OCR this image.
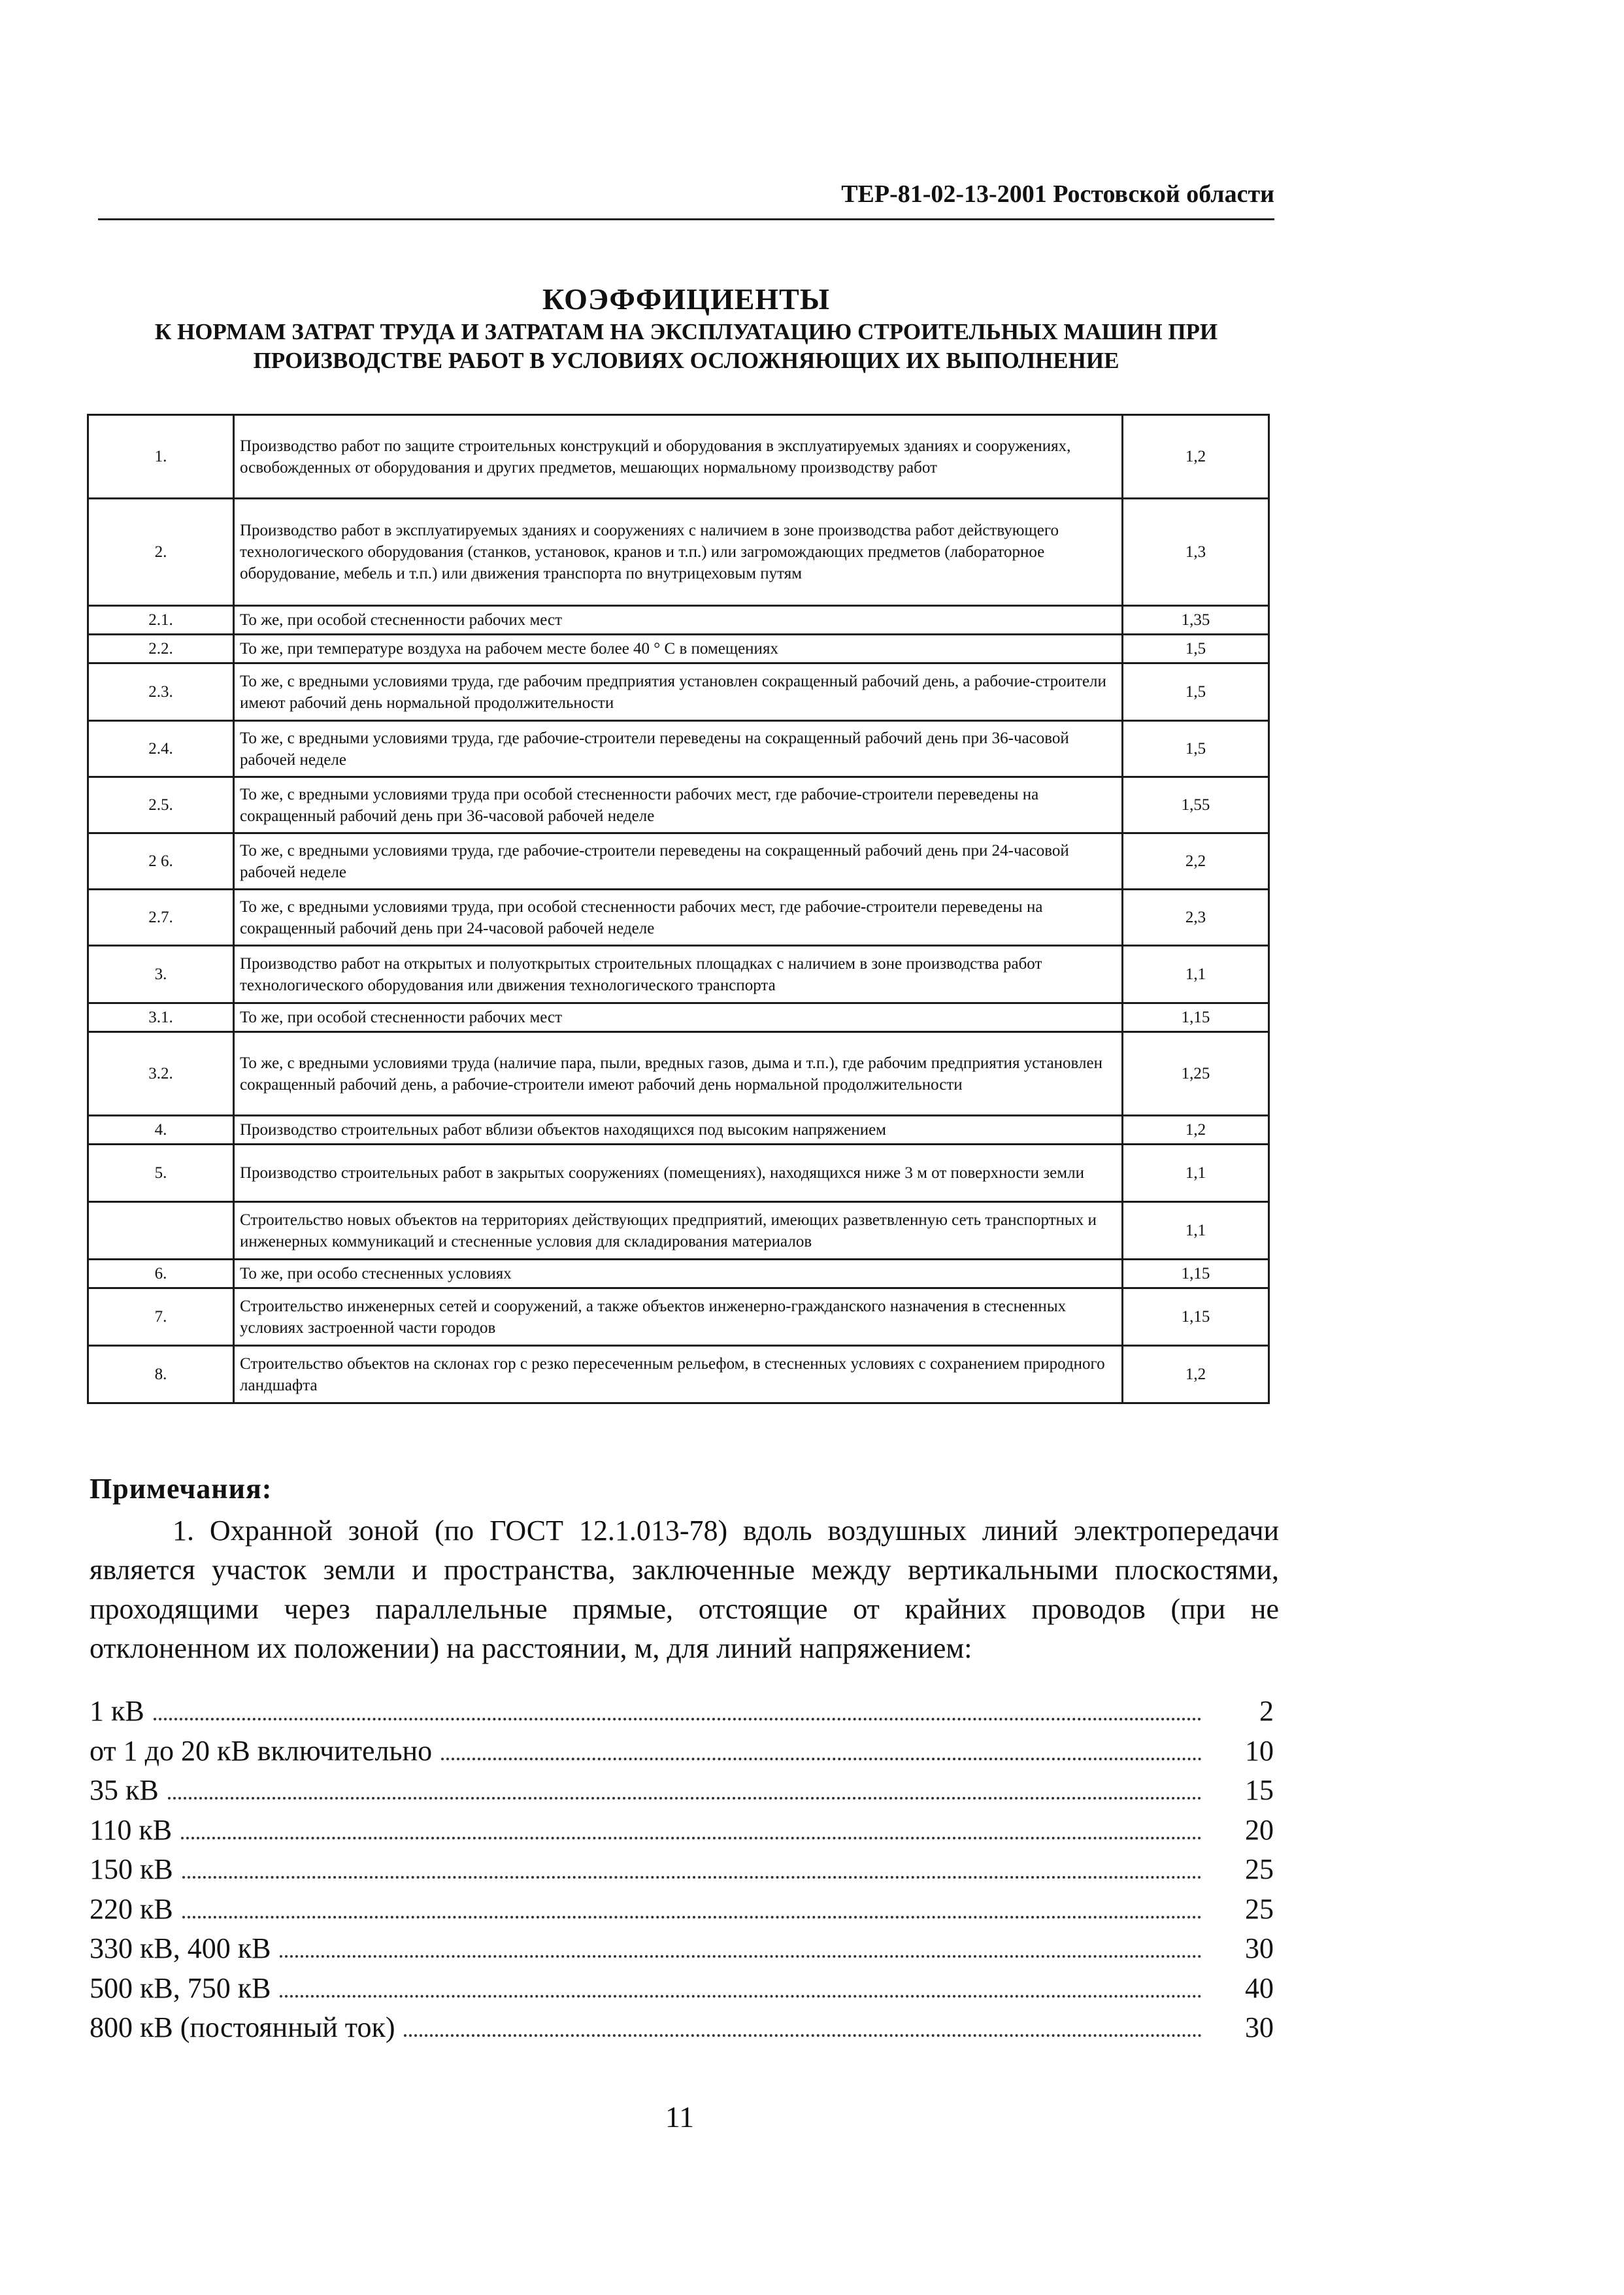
ТЕР-81-02-13-2001 Ростовской области
КОЭФФИЦИЕНТЫ
К НОРМАМ ЗАТРАТ ТРУДА И ЗАТРАТАМ НА ЭКСПЛУАТАЦИЮ СТРОИТЕЛЬНЫХ МАШИН ПРИ
ПРОИЗВОДСТВЕ РАБОТ В УСЛОВИЯХ ОСЛОЖНЯЮЩИХ ИХ ВЫПОЛНЕНИЕ
1.	Производство работ по защите строительных конструкций и оборудования в эксплуатируемых зданиях и сооружениях, освобожденных от оборудования и других предметов, мешающих нормальному производству работ	1,2
2.	Производство работ в эксплуатируемых зданиях и сооружениях с наличием в зоне производства работ действующего технологического оборудования (станков, установок, кранов и т.п.) или загромождающих предметов (лабораторное оборудование, мебель и т.п.) или движения транспорта по внутрицеховым путям	1,3
2.1.	То же, при особой стесненности рабочих мест	1,35
2.2.	То же, при температуре воздуха на рабочем месте более 40 ° С в помещениях	1,5
2.3.	То же, с вредными условиями труда, где рабочим предприятия установлен сокращенный рабочий день, а рабочие-строители имеют рабочий день нормальной продолжительности	1,5
2.4.	То же, с вредными условиями труда, где рабочие-строители переведены на сокращенный рабочий день при 36-часовой рабочей неделе	1,5
2.5.	То же, с вредными условиями труда при особой стесненности рабочих мест, где рабочие-строители переведены на сокращенный рабочий день при 36-часовой рабочей неделе	1,55
2 6.	То же, с вредными условиями труда, где рабочие-строители переведены на сокращенный рабочий день при 24-часовой рабочей неделе	2,2
2.7.	То же, с вредными условиями труда, при особой стесненности рабочих мест, где рабочие-строители переведены на сокращенный рабочий день при 24-часовой рабочей неделе	2,3
3.	Производство работ на открытых и полуоткрытых строительных площадках с наличием в зоне производства работ технологического оборудования или движения технологического транспорта	1,1
3.1.	То же, при особой стесненности рабочих мест	1,15
3.2.	То же, с вредными условиями труда (наличие пара, пыли, вредных газов, дыма и т.п.), где рабочим предприятия установлен сокращенный рабочий день, а рабочие-строители имеют рабочий день нормальной продолжительности	1,25
4.	Производство строительных работ вблизи объектов находящихся под высоким напряжением	1,2
5.	Производство строительных работ в закрытых сооружениях (помещениях), находящихся ниже 3 м от поверхности земли	1,1
	Строительство новых объектов на территориях действующих предприятий, имеющих разветвленную сеть транспортных и инженерных коммуникаций и стесненные условия для складирования материалов	1,1
6.	То же, при особо стесненных условиях	1,15
7.	Строительство инженерных сетей и сооружений, а также объектов инженерно-гражданского назначения в стесненных условиях застроенной части городов	1,15
8.	Строительство объектов на склонах гор с резко пересеченным рельефом, в стесненных условиях с сохранением природного ландшафта	1,2
Примечания:
1. Охранной зоной (по ГОСТ 12.1.013-78) вдоль воздушных линий электропередачи является участок земли и пространства, заключенные между вертикальными плоскостями, проходящими через параллельные прямые, отстоящие от крайних проводов (при не отклоненном их положении) на расстоянии, м, для линий напряжением:
1 кВ	2
от 1 до 20 кВ включительно	10
35 кВ	15
110 кВ	20
150 кВ	25
220 кВ	25
330 кВ, 400 кВ	30
500 кВ, 750 кВ	40
800 кВ (постоянный ток)	30
11
